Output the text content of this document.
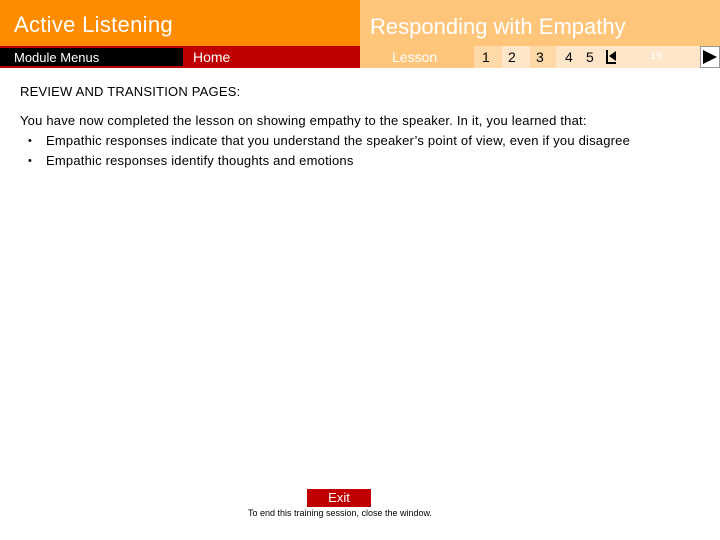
Active Listening	Responding with Empathy
Module Menus	Home	Lesson	1 2 3 4 5	19
REVIEW AND TRANSITION PAGES:
You have now completed the lesson on showing empathy to the speaker. In it, you learned that:
• Empathic responses indicate that you understand the speaker’s point of view, even if you disagree
• Empathic responses identify thoughts and emotions
Exit
To end this training session, close the window.
